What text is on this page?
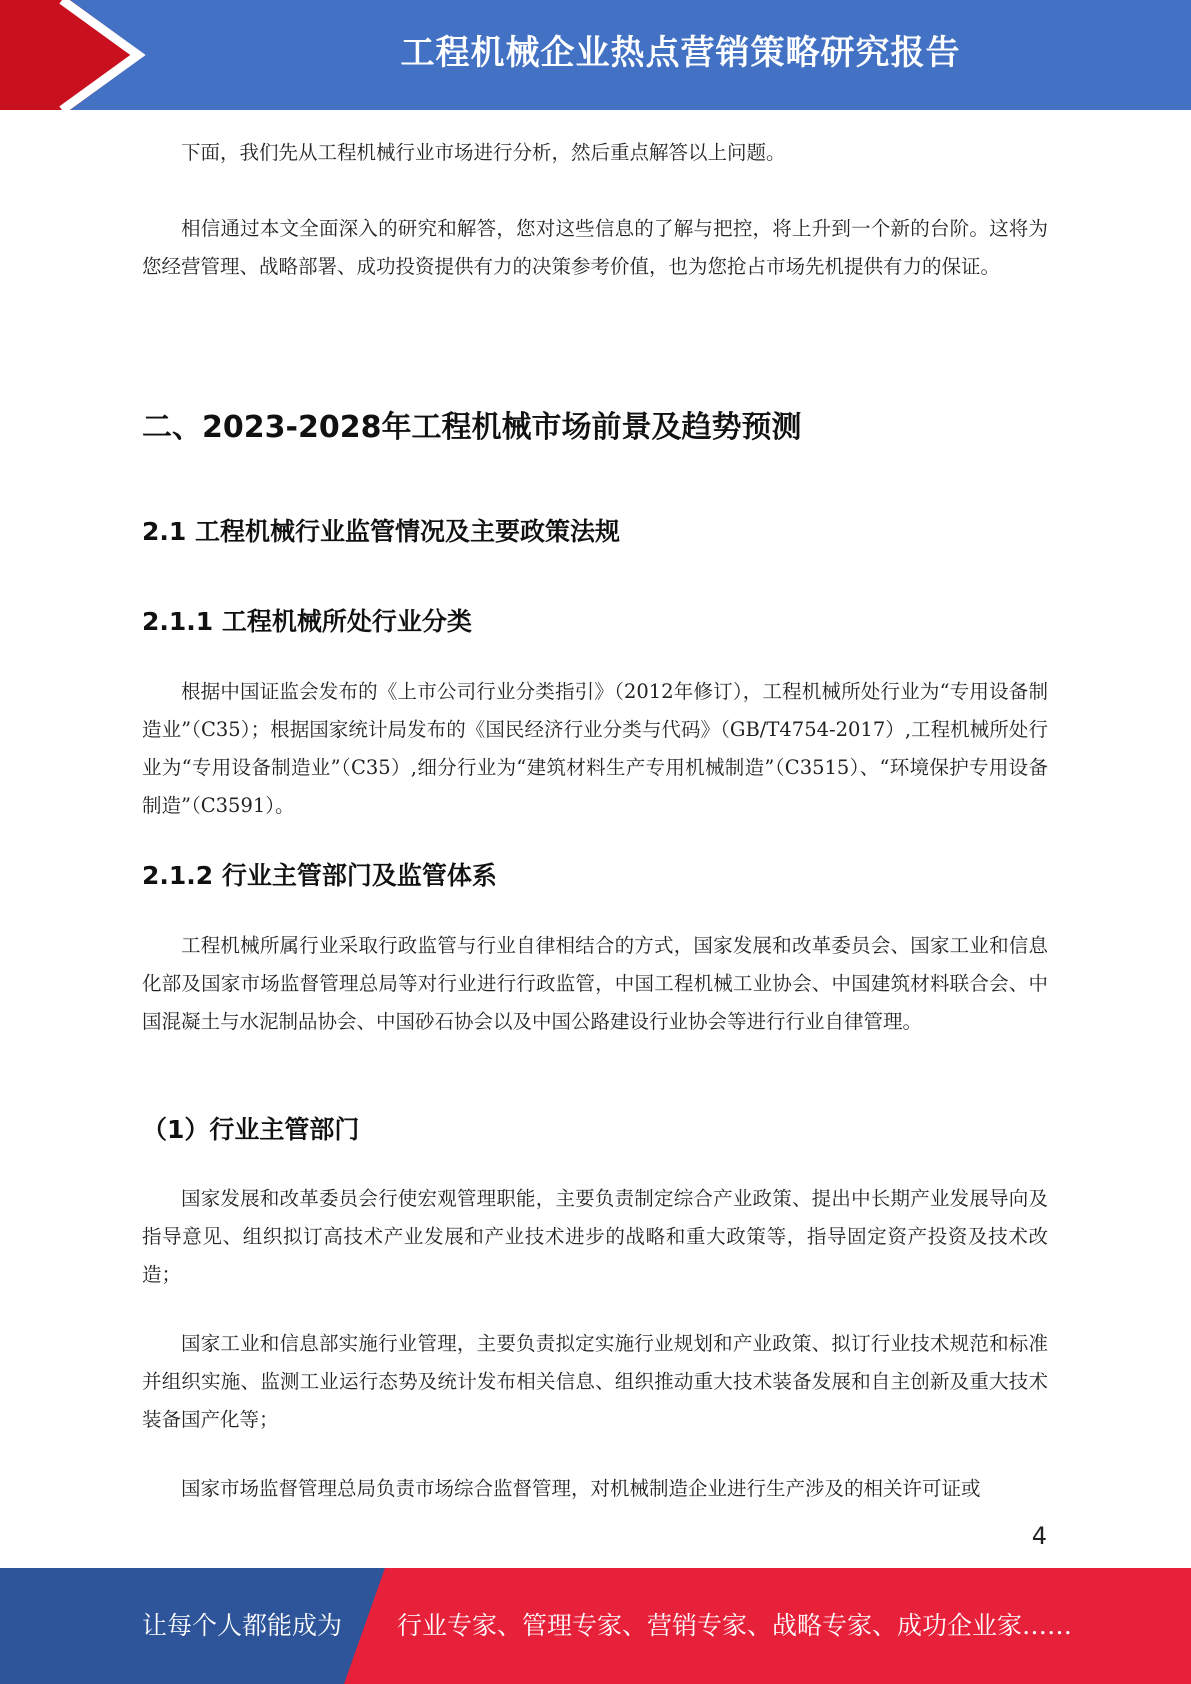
工程机械企业热点营销策略研究报告

下面，我们先从工程机械行业市场进行分析，然后重点解答以上问题。

相信通过本文全面深入的研究和解答，您对这些信息的了解与把控，将上升到一个新的台阶。这将为您经营管理、战略部署、成功投资提供有力的决策参考价值，也为您抢占市场先机提供有力的保证。

二、2023-2028年工程机械市场前景及趋势预测
2.1 工程机械行业监管情况及主要政策法规
2.1.1 工程机械所处行业分类

根据中国证监会发布的《上市公司行业分类指引》（2012年修订），工程机械所处行业为“专用设备制造业”（C35）；根据国家统计局发布的《国民经济行业分类与代码》（GB/T4754-2017）,工程机械所处行业为“专用设备制造业”（C35）,细分行业为“建筑材料生产专用机械制造”（C3515）、“环境保护专用设备制造”（C3591）。

2.1.2 行业主管部门及监管体系

工程机械所属行业采取行政监管与行业自律相结合的方式，国家发展和改革委员会、国家工业和信息化部及国家市场监督管理总局等对行业进行行政监管，中国工程机械工业协会、中国建筑材料联合会、中国混凝土与水泥制品协会、中国砂石协会以及中国公路建设行业协会等进行行业自律管理。

（1）行业主管部门

国家发展和改革委员会行使宏观管理职能，主要负责制定综合产业政策、提出中长期产业发展导向及指导意见、组织拟订高技术产业发展和产业技术进步的战略和重大政策等，指导固定资产投资及技术改造；

国家工业和信息部实施行业管理，主要负责拟定实施行业规划和产业政策、拟订行业技术规范和标准并组织实施、监测工业运行态势及统计发布相关信息、组织推动重大技术装备发展和自主创新及重大技术装备国产化等；

国家市场监督管理总局负责市场综合监督管理，对机械制造企业进行生产涉及的相关许可证或

4
让每个人都能成为 行业专家、管理专家、营销专家、战略专家、成功企业家……
